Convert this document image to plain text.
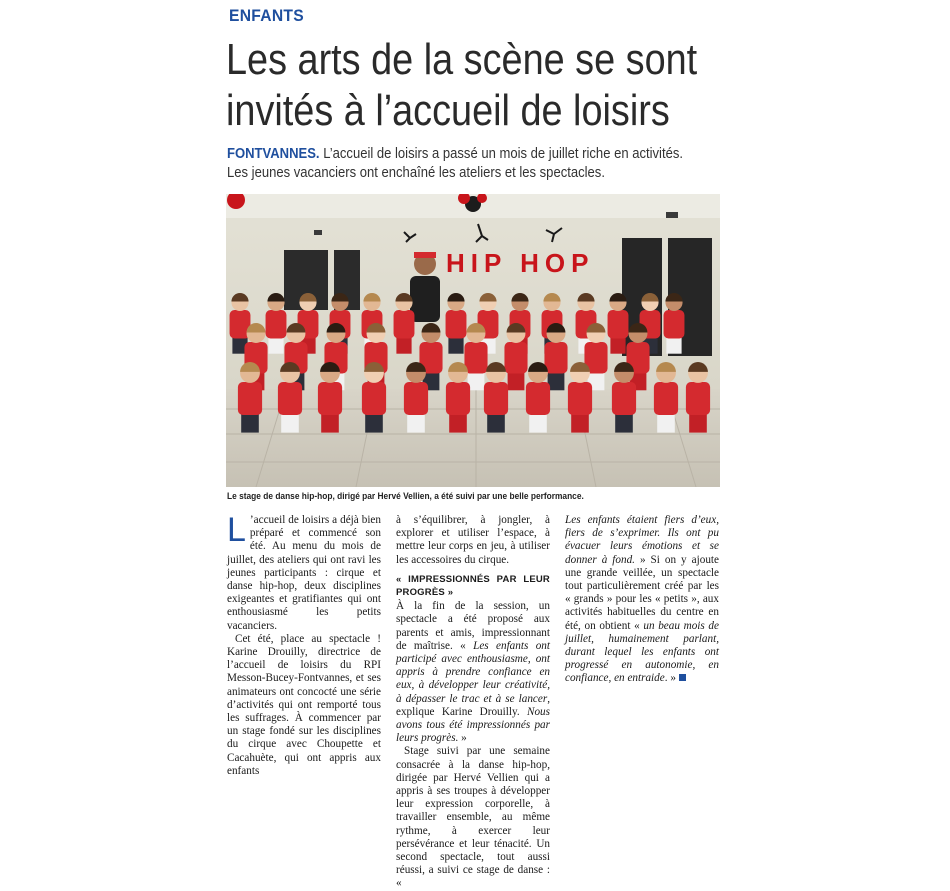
ENFANTS
Les arts de la scène se sont
invités à l’accueil de loisirs
FONTVANNES. L’accueil de loisirs a passé un mois de juillet riche en activités.
Les jeunes vacanciers ont enchaîné les ateliers et les spectacles.
HIP HOP
Le stage de danse hip-hop, dirigé par Hervé Vellien, a été suivi par une belle performance.

L ’accueil de loisirs a déjà bien préparé et commencé son été. Au menu du mois de juillet, des ateliers qui ont ravi les jeunes participants : cirque et danse hip-hop, deux disciplines exigeantes et gratifiantes qui ont enthousiasmé les petits vacanciers.

Cet été, place au spectacle ! Karine Drouilly, directrice de l’accueil de loisirs du RPI Messon-Bucey-Fontvannes, et ses animateurs ont concocté une série d’activités qui ont remporté tous les suffrages. À commencer par un stage fondé sur les disciplines du cirque avec Choupette et Cacahuète, qui ont appris aux enfants

à s’équilibrer, à jongler, à explorer et utiliser l’espace, à mettre leur corps en jeu, à utiliser les accessoires du cirque.

« IMPRESSIONNÉS PAR LEUR PROGRÈS »

À la fin de la session, un spectacle a été proposé aux parents et amis, impressionnant de maîtrise. « Les enfants ont participé avec enthousiasme, ont appris à prendre confiance en eux, à développer leur créativité, à dépasser le trac et à se lancer, explique Karine Drouilly. Nous avons tous été impressionnés par leurs progrès. »

Stage suivi par une semaine consacrée à la danse hip-hop, dirigée par Hervé Vellien qui a appris à ses troupes à développer leur expression corporelle, à travailler ensemble, au même rythme, à exercer leur persévérance et leur ténacité. Un second spectacle, tout aussi réussi, a suivi ce stage de danse : «

Les enfants étaient fiers d’eux, fiers de s’exprimer. Ils ont pu évacuer leurs émotions et se donner à fond. » Si on y ajoute une grande veillée, un spectacle tout particulièrement créé par les « grands » pour les « petits », aux activités habituelles du centre en été, on obtient « un beau mois de juillet, humainement parlant, durant lequel les enfants ont progressé en autonomie, en confiance, en entraide. »
